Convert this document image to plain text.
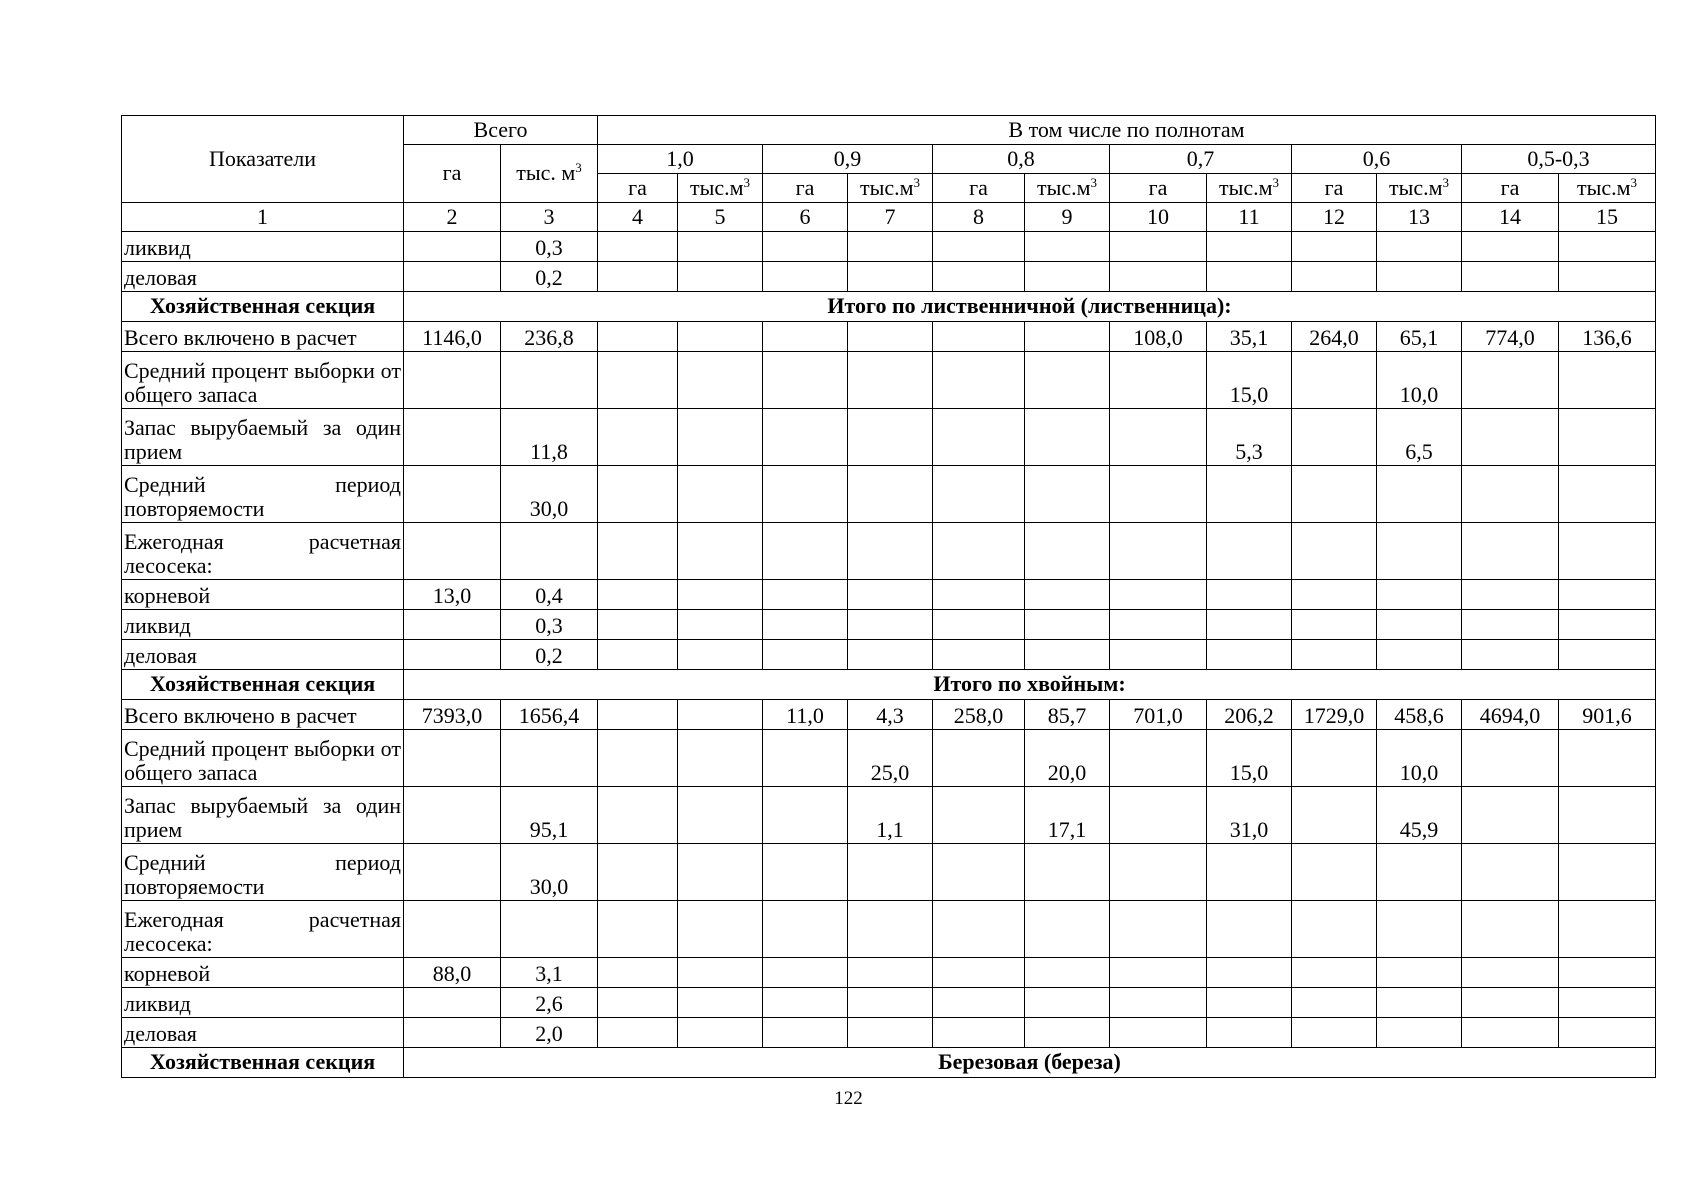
Показатели	Всего		В том числе по полнотам											
	га	тыс. $м^3$	1,0		0,9		0,8		0,7		0,6		0,5-0,3	
			га	$тыс.м^3$	га	$тыс.м^3$	га	$тыс.м^3$	га	$тыс.м^3$	га	$тыс.м^3$	га	$тыс.м^3$
1	2	3	4	5	6	7	8	9	10	11	12	13	14	15
ликвид		0,3												
деловая		0,2												
Хозяйственная секция	Итого по лиственничной (лиственница):													
Всего включено в расчет	1146,0	236,8							108,0	35,1	264,0	65,1	774,0	136,6
Средний процент выборки от общего запаса										15,0		10,0		
Запас вырубаемый за один прием		11,8								5,3		6,5		
Средний период повторяемости		30,0												
Ежегодная расчетная лесосека:														
корневой	13,0	0,4												
ликвид		0,3												
деловая		0,2												
Хозяйственная секция	Итого по хвойным:													
Всего включено в расчет	7393,0	1656,4			11,0	4,3	258,0	85,7	701,0	206,2	1729,0	458,6	4694,0	901,6
Средний процент выборки от общего запаса						25,0		20,0		15,0		10,0		
Запас вырубаемый за один прием		95,1				1,1		17,1		31,0		45,9		
Средний период повторяемости		30,0												
Ежегодная расчетная лесосека:														
корневой	88,0	3,1												
ликвид		2,6												
деловая		2,0												
Хозяйственная секция	Березовая (береза)													
122
